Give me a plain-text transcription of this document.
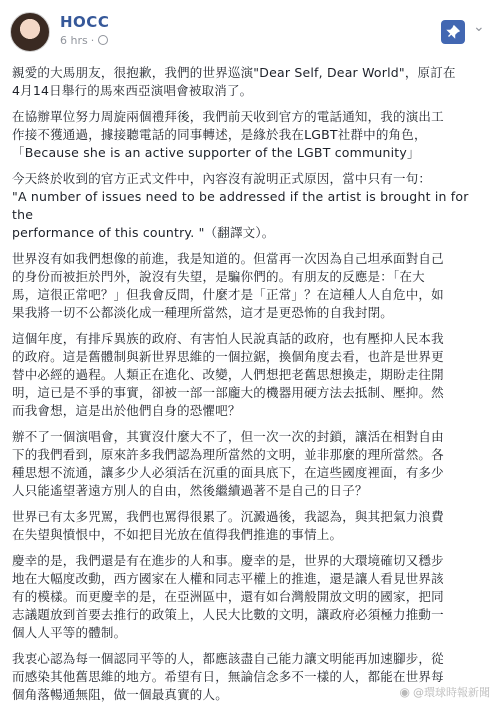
HOCC
6 hrs ·
⌄

親愛的大馬朋友，很抱歉，我們的世界巡演"Dear Self, Dear World"，原訂在
4月14日舉行的馬來西亞演唱會被取消了。

在協辦單位努力周旋兩個禮拜後，我們前天收到官方的電話通知，我的演出工
作接不獲通過，據接聽電話的同事轉述，是緣於我在LGBT社群中的角色，
「Because she is an active supporter of the LGBT community」

今天終於收到的官方正式文件中，內容沒有說明正式原因，當中只有一句：
"A number of issues need to be addressed if the artist is brought in for the
performance of this country. "（翻譯文）。

世界沒有如我們想像的前進，我是知道的。但當再一次因為自己坦承面對自己
的身份而被拒於門外，說沒有失望，是騙你們的。有朋友的反應是：「在大
馬，這很正常吧？」但我會反問，什麼才是「正常」？在這種人人自危中，如
果我將一切不公都淡化成一種理所當然，這才是更恐怖的自我封閉。

這個年度，有排斥異族的政府、有害怕人民說真話的政府，也有壓抑人民本我
的政府。這是舊體制與新世界思維的一個拉鋸，換個角度去看，也許是世界更
替中必經的過程。人類正在進化、改變，人們想把老舊思想換走，期盼走往開
明，這已是不爭的事實，卻被一部一部龐大的機器用硬方法去抵制、壓抑。然
而我會想，這是出於他們自身的恐懼吧？

辦不了一個演唱會，其實沒什麼大不了，但一次一次的封鎖，讓活在相對自由
下的我們看到，原來許多我們認為理所當然的文明，並非那麼的理所當然。各
種思想不流通，讓多少人必須活在沉重的面具底下，在這些國度裡面，有多少
人只能遙望著遠方別人的自由，然後繼續過著不是自己的日子？

世界已有太多咒罵，我們也罵得很累了。沉澱過後，我認為，與其把氣力浪費
在失望與憤恨中，不如把目光放在值得我們推進的事情上。

慶幸的是，我們還是有在進步的人和事。慶幸的是，世界的大環境確切又穩步
地在大幅度改動，西方國家在人權和同志平權上的推進，還是讓人看見世界該
有的模樣。而更慶幸的是，在亞洲區中，還有如台灣般開放文明的國家，把同
志議題放到首要去推行的政策上，人民大比數的文明，讓政府必須極力推動一
個人人平等的體制。

我衷心認為每一個認同平等的人，都應該盡自己能力讓文明能再加速腳步，從
而感染其他舊思維的地方。希望有日，無論信念多不一樣的人，都能在世界每
個角落暢通無阻，做一個最真實的人。	◉ @環球時報新聞
